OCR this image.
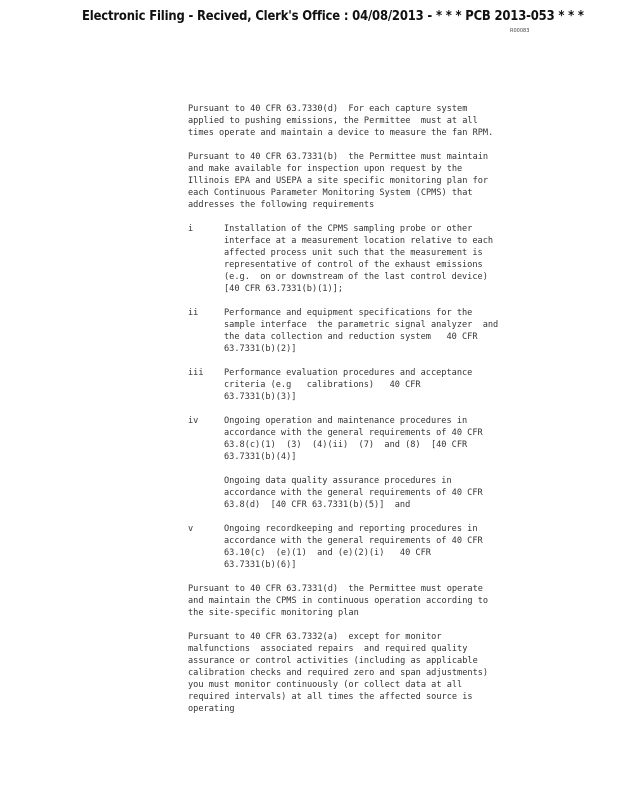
Electronic Filing - Recived, Clerk's Office : 04/08/2013 - * * * PCB 2013-053 * * *
R00083

Pursuant to 40 CFR 63.7330(d)  For each capture system
applied to pushing emissions, the Permittee  must at all
times operate and maintain a device to measure the fan RPM.

Pursuant to 40 CFR 63.7331(b)  the Permittee must maintain
and make available for inspection upon request by the
Illinois EPA and USEPA a site specific monitoring plan for
each Continuous Parameter Monitoring System (CPMS) that
addresses the following requirements

i	Installation of the CPMS sampling probe or other
interface at a measurement location relative to each
affected process unit such that the measurement is
representative of control of the exhaust emissions
(e.g.  on or downstream of the last control device)
[40 CFR 63.7331(b)(1)];
ii	Performance and equipment specifications for the
sample interface  the parametric signal analyzer  and
the data collection and reduction system   40 CFR
63.7331(b)(2)]
iii	Performance evaluation procedures and acceptance
criteria (e.g   calibrations)   40 CFR
63.7331(b)(3)]
iv	Ongoing operation and maintenance procedures in
accordance with the general requirements of 40 CFR
63.8(c)(1)  (3)  (4)(ii)  (7)  and (8)  [40 CFR
63.7331(b)(4)]

Ongoing data quality assurance procedures in
accordance with the general requirements of 40 CFR
63.8(d)  [40 CFR 63.7331(b)(5)]  and

v	Ongoing recordkeeping and reporting procedures in
accordance with the general requirements of 40 CFR
63.10(c)  (e)(1)  and (e)(2)(i)   40 CFR
63.7331(b)(6)]

Pursuant to 40 CFR 63.7331(d)  the Permittee must operate
and maintain the CPMS in continuous operation according to
the site-specific monitoring plan

Pursuant to 40 CFR 63.7332(a)  except for monitor
malfunctions  associated repairs  and required quality
assurance or control activities (including as applicable
calibration checks and required zero and span adjustments)
you must monitor continuously (or collect data at all
required intervals) at all times the affected source is
operating
